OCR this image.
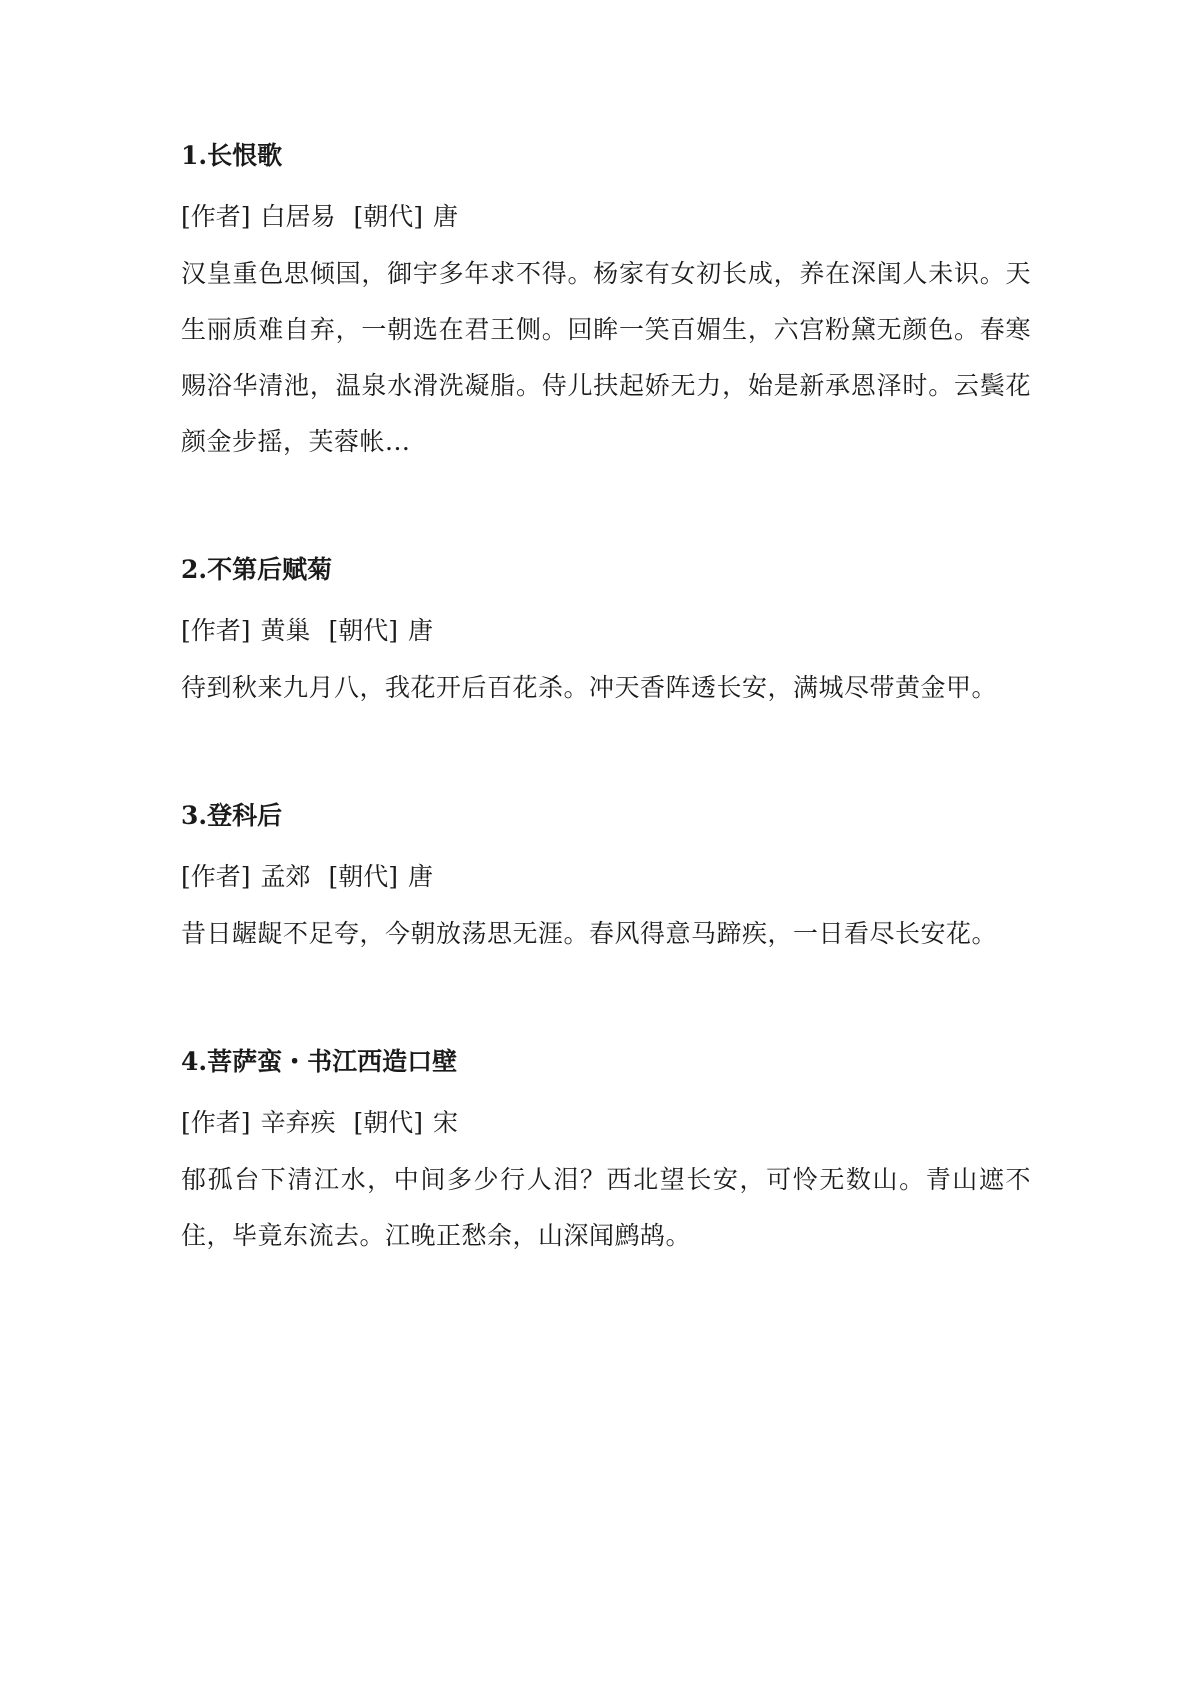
1.长恨歌
[作者] 白居易 [朝代] 唐

汉皇重色思倾国，御宇多年求不得。杨家有女初长成，养在深闺人未识。天生丽质难自弃，一朝选在君王侧。回眸一笑百媚生，六宫粉黛无颜色。春寒赐浴华清池，温泉水滑洗凝脂。侍儿扶起娇无力，始是新承恩泽时。云鬓花颜金步摇，芙蓉帐...

2.不第后赋菊
[作者] 黄巢 [朝代] 唐

待到秋来九月八，我花开后百花杀。冲天香阵透长安，满城尽带黄金甲。

3.登科后
[作者] 孟郊 [朝代] 唐

昔日龌龊不足夸，今朝放荡思无涯。春风得意马蹄疾，一日看尽长安花。

4.菩萨蛮・书江西造口壁
[作者] 辛弃疾 [朝代] 宋

郁孤台下清江水，中间多少行人泪？西北望长安，可怜无数山。青山遮不住，毕竟东流去。江晚正愁余，山深闻鹧鸪。
